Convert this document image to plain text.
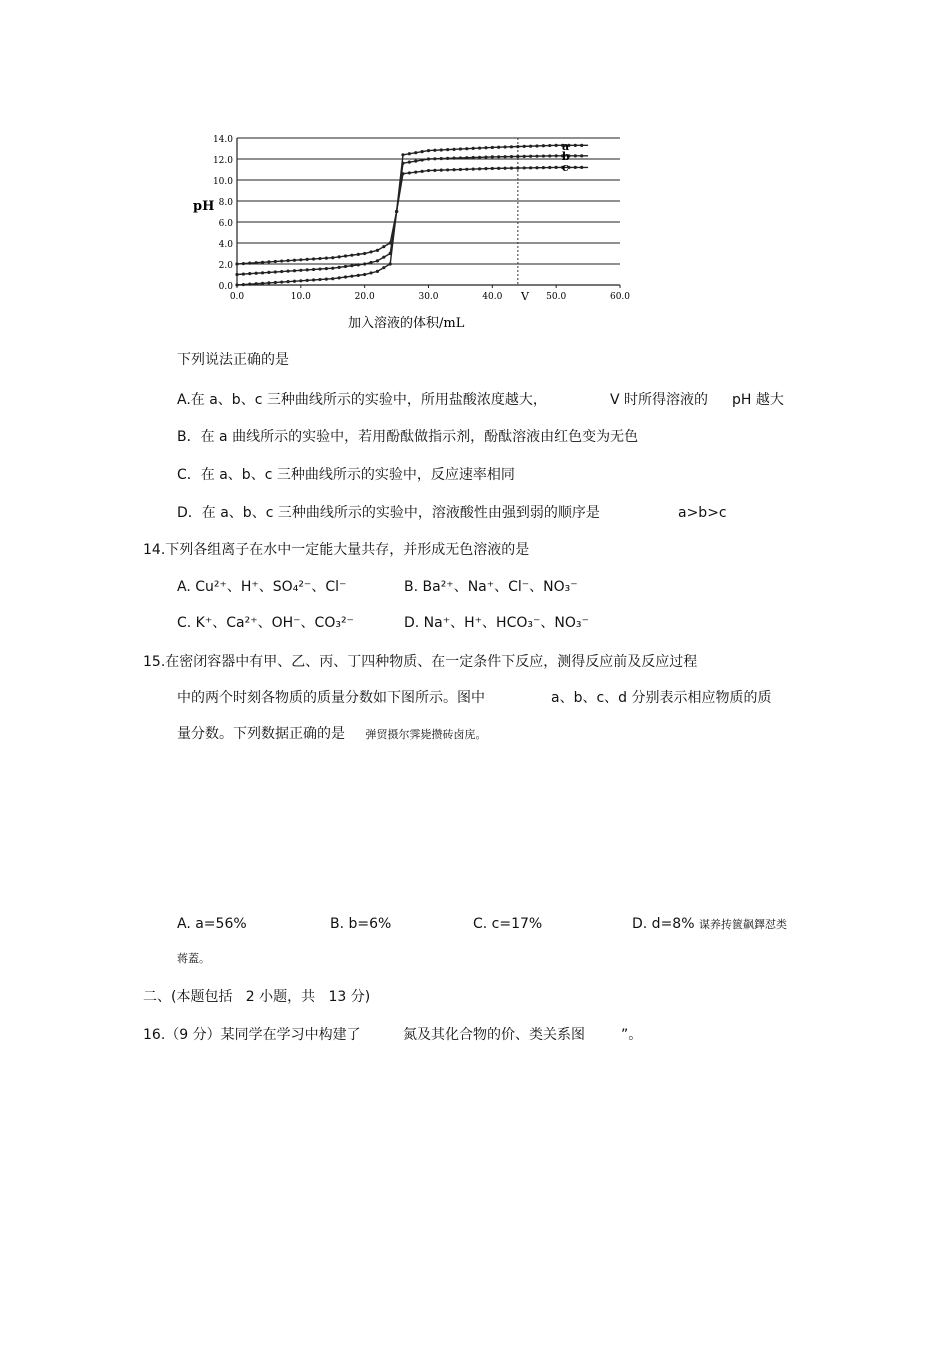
0.0
2.0
4.0
6.0
8.0
10.0
12.0
14.0
0.0	10.0	20.0	30.0	40.0	50.0	60.0
pH
加入溶液的体积/mL
V
a
b
c
下列说法正确的是
A.在 a、b、c 三种曲线所示的实验中，所用盐酸浓度越大，	V 时所得溶液的 pH 越大
B．在 a 曲线所示的实验中，若用酚酞做指示剂，酚酞溶液由红色变为无色
C．在 a、b、c 三种曲线所示的实验中，反应速率相同
D．在 a、b、c 三种曲线所示的实验中，溶液酸性由强到弱的顺序是	a>b>c
14.下列各组离子在水中一定能大量共存，并形成无色溶液的是
A. Cu²⁺、H⁺、SO₄²⁻、Cl⁻	B. Ba²⁺、Na⁺、Cl⁻、NO₃⁻
C. K⁺、Ca²⁺、OH⁻、CO₃²⁻	D. Na⁺、H⁺、HCO₃⁻、NO₃⁻
15.在密闭容器中有甲、乙、丙、丁四种物质、在一定条件下反应，测得反应前及反应过程
中的两个时刻各物质的质量分数如下图所示。图中	a、b、c、d 分别表示相应物质的质
量分数。下列数据正确的是 弹贸摄尔霁毙攒砖卤庑。
A. a=56%	B. b=6%	C. c=17%	D. d=8% 谋养抟篋飙鐸怼类
蒋蓋。
二、(本题包括   2 小题，共   13 分)
16.（9 分）某同学在学习中构建了	氮及其化合物的价、类关系图	”。
